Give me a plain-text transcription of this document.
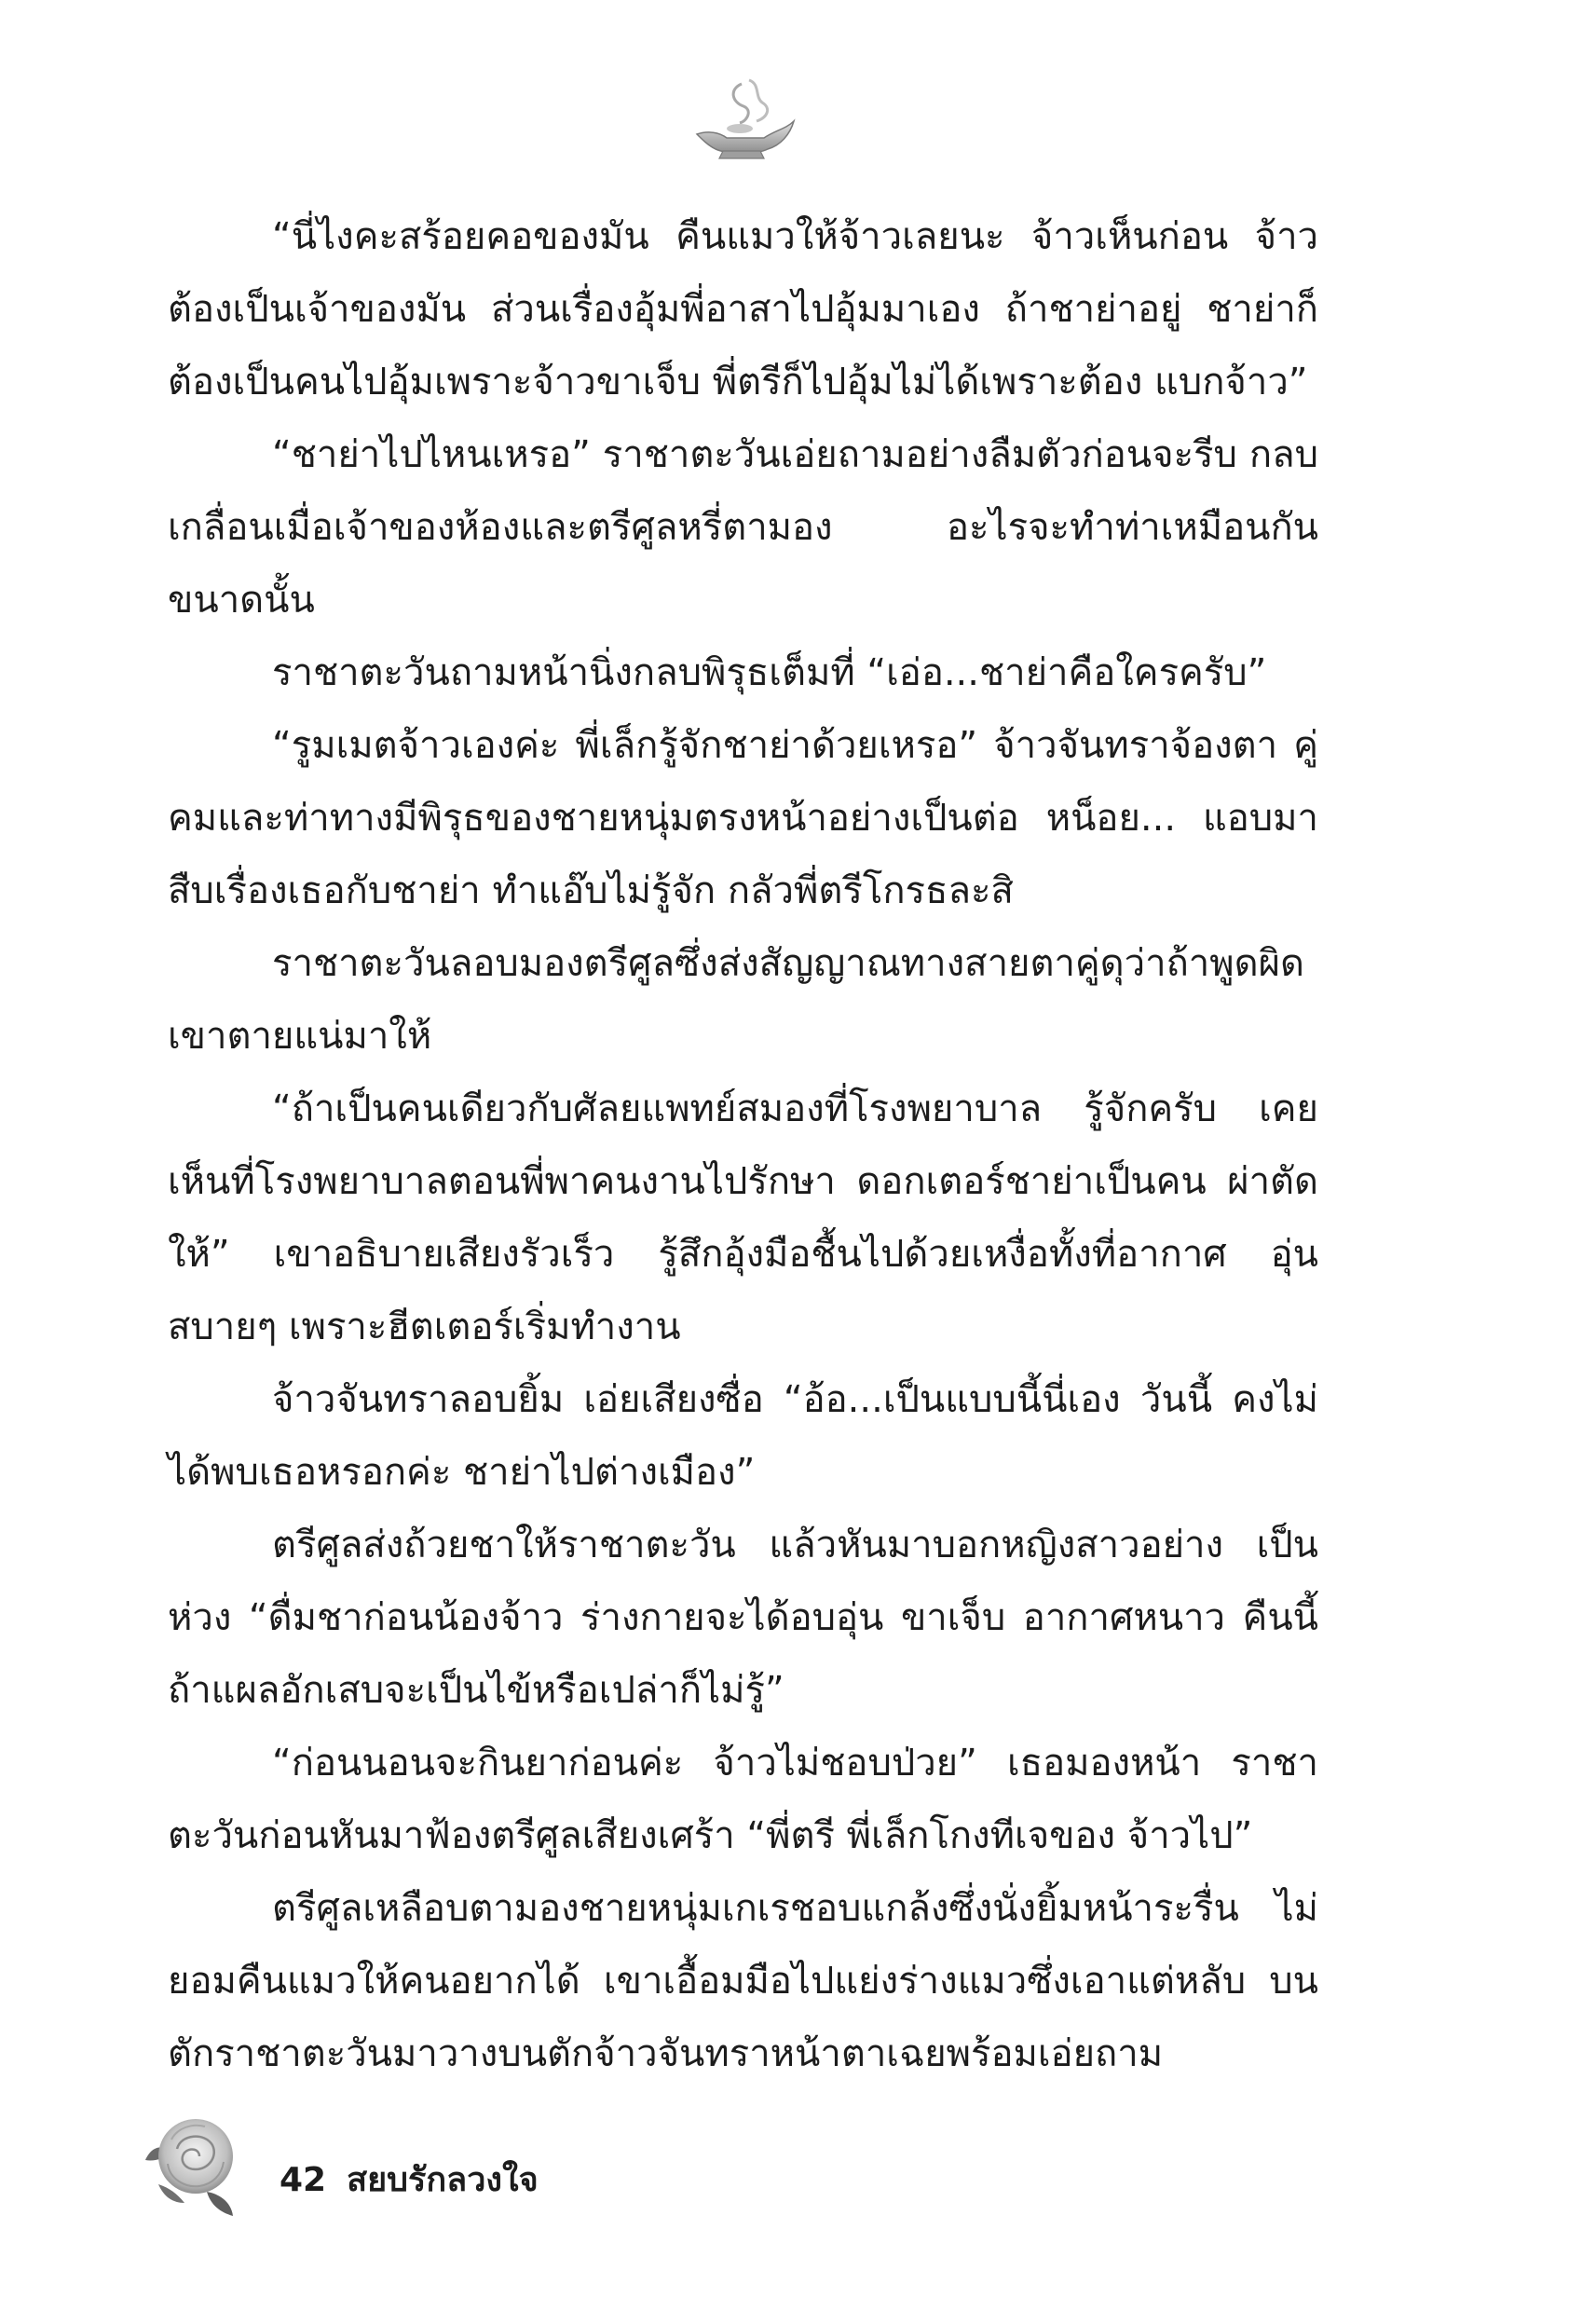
“นี่ไงคะสร้อยคอของมัน คืนแมวให้จ้าวเลยนะ จ้าวเห็นก่อน จ้าวต้องเป็นเจ้าของมัน ส่วนเรื่องอุ้มพี่อาสาไปอุ้มมาเอง ถ้าชาย่าอยู่ ชาย่าก็ต้องเป็นคนไปอุ้มเพราะจ้าวขาเจ็บ พี่ตรีก็ไปอุ้มไม่ได้เพราะต้อง แบกจ้าว”

“ชาย่าไปไหนเหรอ” ราชาตะวันเอ่ยถามอย่างลืมตัวก่อนจะรีบ กลบเกลื่อนเมื่อเจ้าของห้องและตรีศูลหรี่ตามอง อะไรจะทำท่าเหมือนกัน ขนาดนั้น

ราชาตะวันถามหน้านิ่งกลบพิรุธเต็มที่ “เอ่อ...ชาย่าคือใครครับ”

“รูมเมตจ้าวเองค่ะ พี่เล็กรู้จักชาย่าด้วยเหรอ” จ้าวจันทราจ้องตา คู่คมและท่าทางมีพิรุธของชายหนุ่มตรงหน้าอย่างเป็นต่อ หน็อย... แอบมาสืบเรื่องเธอกับชาย่า ทำแอ๊บไม่รู้จัก กลัวพี่ตรีโกรธละสิ

ราชาตะวันลอบมองตรีศูลซึ่งส่งสัญญาณทางสายตาคู่ดุว่าถ้าพูดผิด เขาตายแน่มาให้

“ถ้าเป็นคนเดียวกับศัลยแพทย์สมองที่โรงพยาบาล รู้จักครับ เคยเห็นที่โรงพยาบาลตอนพี่พาคนงานไปรักษา ดอกเตอร์ชาย่าเป็นคน ผ่าตัดให้” เขาอธิบายเสียงรัวเร็ว รู้สึกอุ้งมือชื้นไปด้วยเหงื่อทั้งที่อากาศ อุ่นสบายๆ เพราะฮีตเตอร์เริ่มทำงาน

จ้าวจันทราลอบยิ้ม เอ่ยเสียงซื่อ “อ้อ...เป็นแบบนี้นี่เอง วันนี้ คงไม่ได้พบเธอหรอกค่ะ ชาย่าไปต่างเมือง”

ตรีศูลส่งถ้วยชาให้ราชาตะวัน แล้วหันมาบอกหญิงสาวอย่าง เป็นห่วง “ดื่มชาก่อนน้องจ้าว ร่างกายจะได้อบอุ่น ขาเจ็บ อากาศหนาว คืนนี้ถ้าแผลอักเสบจะเป็นไข้หรือเปล่าก็ไม่รู้”

“ก่อนนอนจะกินยาก่อนค่ะ จ้าวไม่ชอบป่วย” เธอมองหน้า ราชาตะวันก่อนหันมาฟ้องตรีศูลเสียงเศร้า “พี่ตรี พี่เล็กโกงทีเจของ จ้าวไป”

ตรีศูลเหลือบตามองชายหนุ่มเกเรชอบแกล้งซึ่งนั่งยิ้มหน้าระรื่น ไม่ยอมคืนแมวให้คนอยากได้ เขาเอื้อมมือไปแย่งร่างแมวซึ่งเอาแต่หลับ บนตักราชาตะวันมาวางบนตักจ้าวจันทราหน้าตาเฉยพร้อมเอ่ยถาม

42 สยบรักลวงใจ
